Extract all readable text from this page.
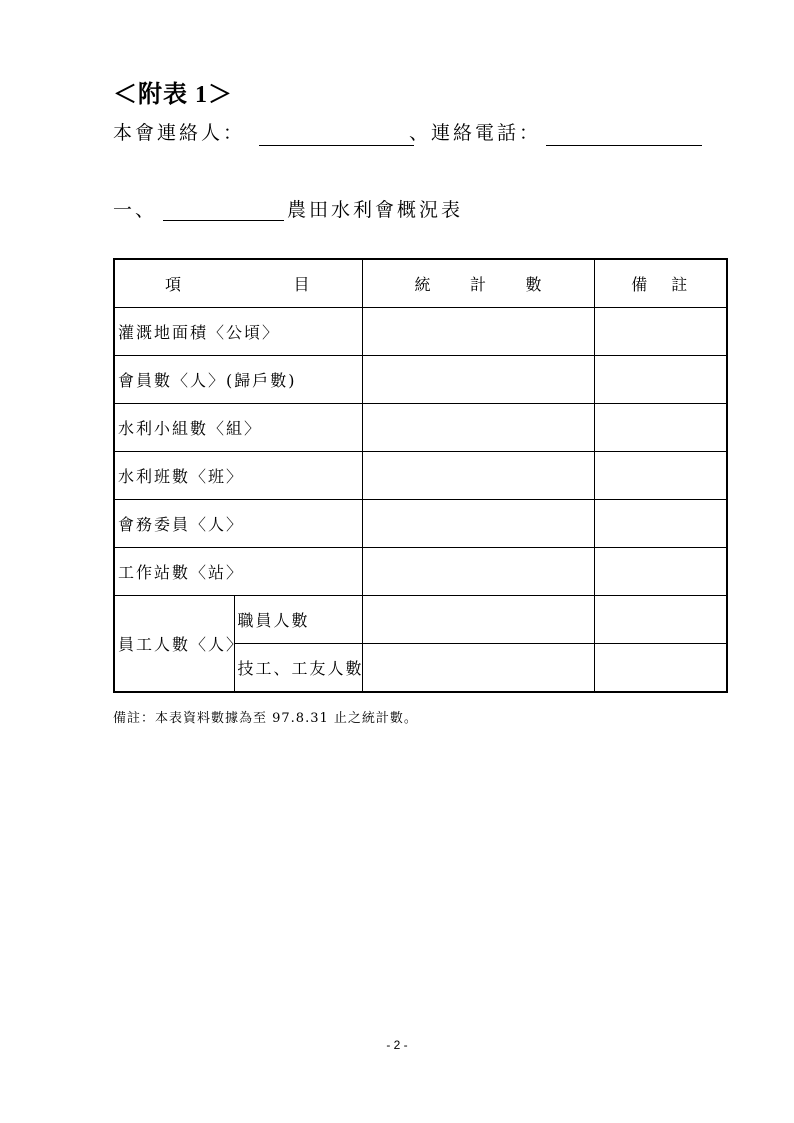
＜附表 1＞
本會連絡人：	、連絡電話：
一、	農田水利會概況表
項 目		統 計 數	備 註

灌溉地面積〈公頃〉			
會員數〈人〉(歸戶數)			
水利小組數〈組〉			
水利班數〈班〉			
會務委員〈人〉			
工作站數〈站〉			
員工人數〈人〉	職員人數		
	技工、工友人數		
備註：本表資料數據為至 97.8.31 止之統計數。
- 2 -
